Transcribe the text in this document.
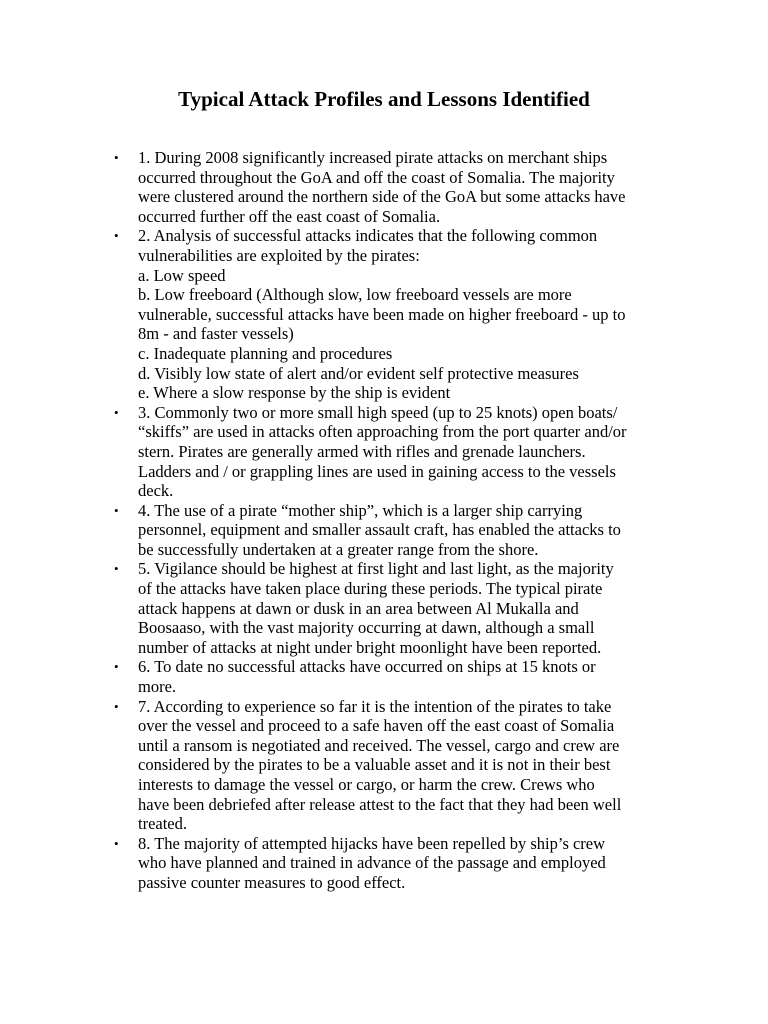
Typical Attack Profiles and Lessons Identified
• 1. During 2008 significantly increased pirate attacks on merchant ships
occurred throughout the GoA and off the coast of Somalia. The majority
were clustered around the northern side of the GoA but some attacks have
occurred further off the east coast of Somalia.
• 2. Analysis of successful attacks indicates that the following common
vulnerabilities are exploited by the pirates:
a. Low speed
b. Low freeboard (Although slow, low freeboard vessels are more
vulnerable, successful attacks have been made on higher freeboard - up to
8m - and faster vessels)
c. Inadequate planning and procedures
d. Visibly low state of alert and/or evident self protective measures
e. Where a slow response by the ship is evident
• 3. Commonly two or more small high speed (up to 25 knots) open boats/
“skiffs” are used in attacks often approaching from the port quarter and/or
stern. Pirates are generally armed with rifles and grenade launchers.
Ladders and / or grappling lines are used in gaining access to the vessels
deck.
• 4. The use of a pirate “mother ship”, which is a larger ship carrying
personnel, equipment and smaller assault craft, has enabled the attacks to
be successfully undertaken at a greater range from the shore.
• 5. Vigilance should be highest at first light and last light, as the majority
of the attacks have taken place during these periods. The typical pirate
attack happens at dawn or dusk in an area between Al Mukalla and
Boosaaso, with the vast majority occurring at dawn, although a small
number of attacks at night under bright moonlight have been reported.
• 6. To date no successful attacks have occurred on ships at 15 knots or
more.
• 7. According to experience so far it is the intention of the pirates to take
over the vessel and proceed to a safe haven off the east coast of Somalia
until a ransom is negotiated and received. The vessel, cargo and crew are
considered by the pirates to be a valuable asset and it is not in their best
interests to damage the vessel or cargo, or harm the crew. Crews who
have been debriefed after release attest to the fact that they had been well
treated.
• 8. The majority of attempted hijacks have been repelled by ship’s crew
who have planned and trained in advance of the passage and employed
passive counter measures to good effect.
